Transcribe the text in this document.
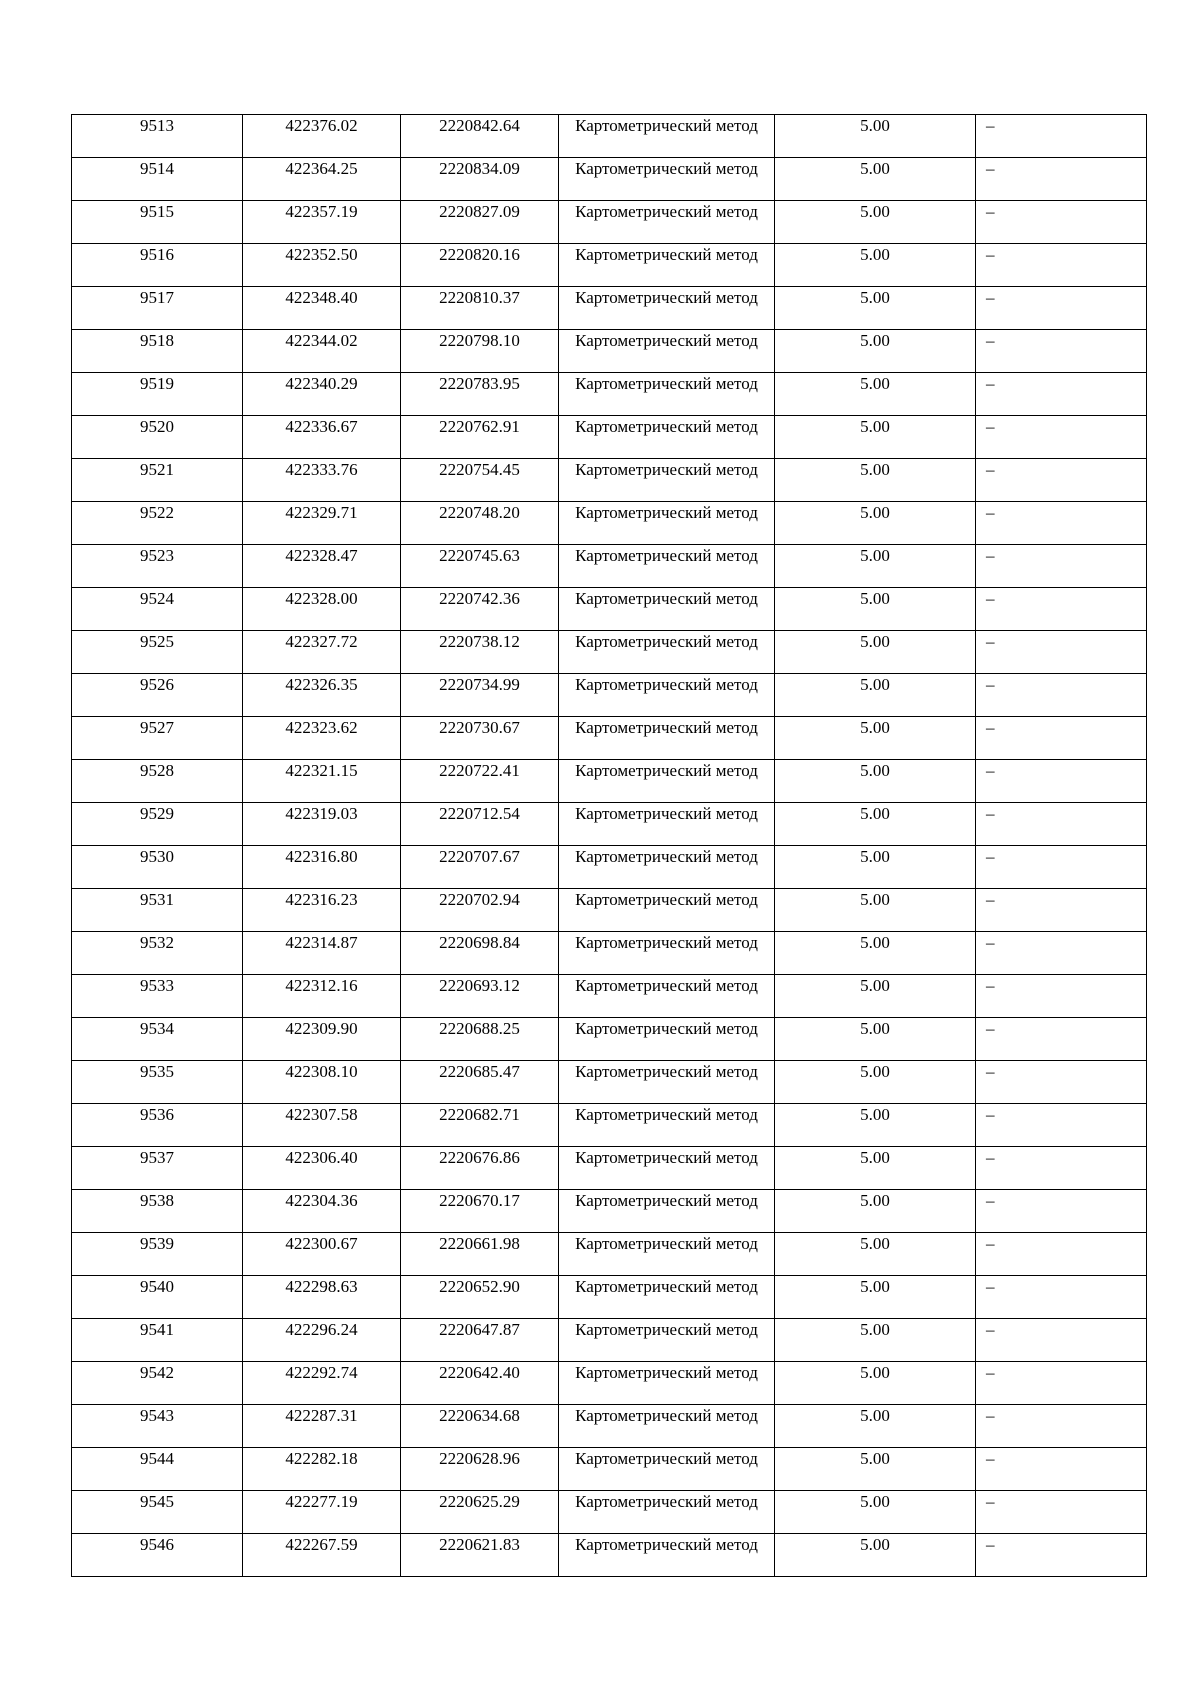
9513	422376.02	2220842.64	Картометрический метод	5.00	–
9514	422364.25	2220834.09	Картометрический метод	5.00	–
9515	422357.19	2220827.09	Картометрический метод	5.00	–
9516	422352.50	2220820.16	Картометрический метод	5.00	–
9517	422348.40	2220810.37	Картометрический метод	5.00	–
9518	422344.02	2220798.10	Картометрический метод	5.00	–
9519	422340.29	2220783.95	Картометрический метод	5.00	–
9520	422336.67	2220762.91	Картометрический метод	5.00	–
9521	422333.76	2220754.45	Картометрический метод	5.00	–
9522	422329.71	2220748.20	Картометрический метод	5.00	–
9523	422328.47	2220745.63	Картометрический метод	5.00	–
9524	422328.00	2220742.36	Картометрический метод	5.00	–
9525	422327.72	2220738.12	Картометрический метод	5.00	–
9526	422326.35	2220734.99	Картометрический метод	5.00	–
9527	422323.62	2220730.67	Картометрический метод	5.00	–
9528	422321.15	2220722.41	Картометрический метод	5.00	–
9529	422319.03	2220712.54	Картометрический метод	5.00	–
9530	422316.80	2220707.67	Картометрический метод	5.00	–
9531	422316.23	2220702.94	Картометрический метод	5.00	–
9532	422314.87	2220698.84	Картометрический метод	5.00	–
9533	422312.16	2220693.12	Картометрический метод	5.00	–
9534	422309.90	2220688.25	Картометрический метод	5.00	–
9535	422308.10	2220685.47	Картометрический метод	5.00	–
9536	422307.58	2220682.71	Картометрический метод	5.00	–
9537	422306.40	2220676.86	Картометрический метод	5.00	–
9538	422304.36	2220670.17	Картометрический метод	5.00	–
9539	422300.67	2220661.98	Картометрический метод	5.00	–
9540	422298.63	2220652.90	Картометрический метод	5.00	–
9541	422296.24	2220647.87	Картометрический метод	5.00	–
9542	422292.74	2220642.40	Картометрический метод	5.00	–
9543	422287.31	2220634.68	Картометрический метод	5.00	–
9544	422282.18	2220628.96	Картометрический метод	5.00	–
9545	422277.19	2220625.29	Картометрический метод	5.00	–
9546	422267.59	2220621.83	Картометрический метод	5.00	–
